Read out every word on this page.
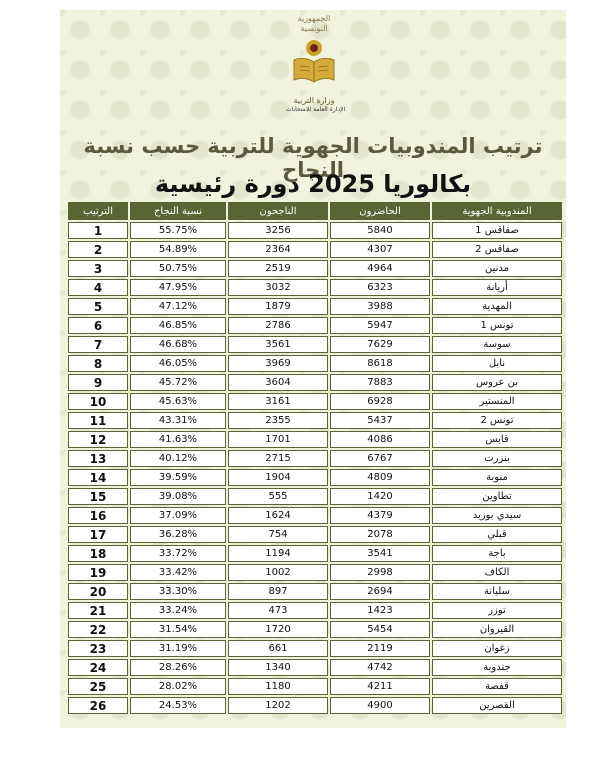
الجمهورية التونسية
وزارة التربية
الإدارة العامة للامتحانات
ترتيب المندوبيات الجهوية للتربية حسب نسبة النجاح
بكالوريا 2025 دورة رئيسية
المندوبية الجهوية	الحاضرون	الناجحون	نسبة النجاح	الترتيب
صفاقس 1	5840	3256	55.75%	1
صفاقس 2	4307	2364	54.89%	2
مدنين	4964	2519	50.75%	3
أريانة	6323	3032	47.95%	4
المهدية	3988	1879	47.12%	5
تونس 1	5947	2786	46.85%	6
سوسة	7629	3561	46.68%	7
نابل	8618	3969	46.05%	8
بن عروس	7883	3604	45.72%	9
المنستير	6928	3161	45.63%	10
تونس 2	5437	2355	43.31%	11
قابس	4086	1701	41.63%	12
بنزرت	6767	2715	40.12%	13
منوبة	4809	1904	39.59%	14
تطاوين	1420	555	39.08%	15
سيدي بوزيد	4379	1624	37.09%	16
قبلي	2078	754	36.28%	17
باجة	3541	1194	33.72%	18
الكاف	2998	1002	33.42%	19
سليانة	2694	897	33.30%	20
توزر	1423	473	33.24%	21
القيروان	5454	1720	31.54%	22
زغوان	2119	661	31.19%	23
جندوبة	4742	1340	28.26%	24
قفصة	4211	1180	28.02%	25
القصرين	4900	1202	24.53%	26
